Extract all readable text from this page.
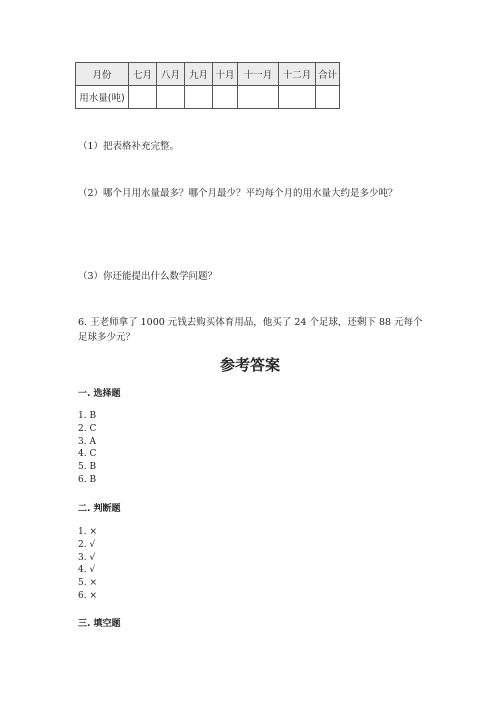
月份	七月	八月	九月	十月	十一月	十二月	合计
用水量(吨)							
（1）把表格补充完整。
（2）哪个月用水量最多？哪个月最少？平均每个月的用水量大约是多少吨？
（3）你还能提出什么数学问题？
6. 王老师拿了 1000 元钱去购买体育用品，他买了 24 个足球，还剩下 88 元每个
足球多少元？
参考答案
一. 选择题
1. B
2. C
3. A
4. C
5. B
6. B
二. 判断题
1. ×
2. √
3. √
4. √
5. ×
6. ×
三. 填空题
